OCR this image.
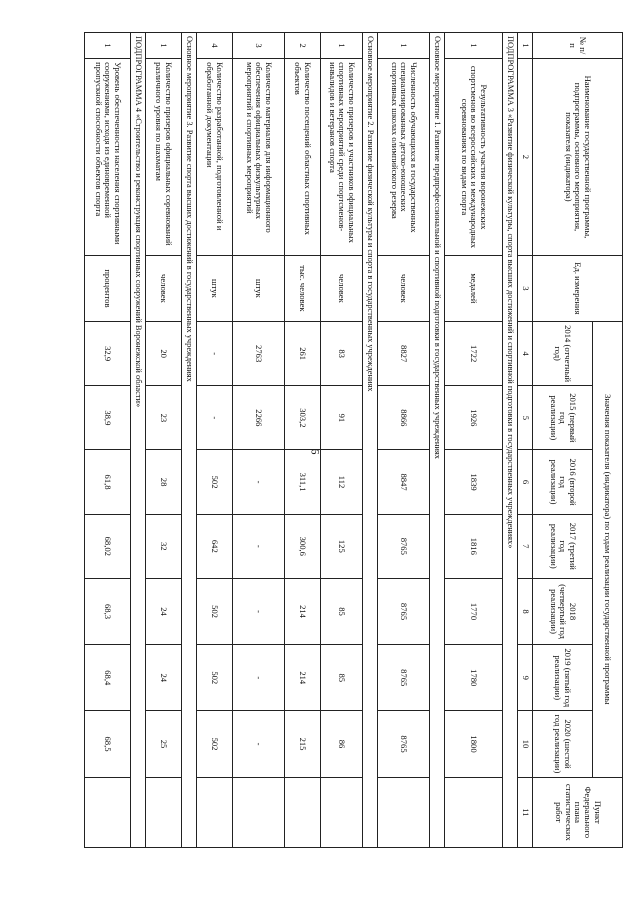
6
№ п/п	Наименование государственной программы, подпрограммы, основного мероприятия, показателя (индикатора)	Ед. измерения	Значения показателя (индикатора) по годам реализации государственной программы							Пункт Федерального плана статистических работ
			2014 (отчетный год)	2015 (первый год реализации)	2016 (второй год реализации)	2017 (третий год реализации)	2018 (четвертый год реализации)	2019 (пятый год реализации)	2020 (шестой год реализации)	
1	2	3	4	5	6	7	8	9	10	11
ПОДПРОГРАММА 3 «Развитие физической культуры, спорта высших достижений и спортивной подготовки в государственных учреждениях»										
1	Результативность участия воронежских спортсменов во всероссийских и международных соревнованиях по видам спорта	медалей	1722	1926	1839	1816	1770	1780	1800	
Основное мероприятие 1. Развитие предпрофессиональной и спортивной подготовки в государственных учреждениях										
1	Численность обучающихся в государственных специализированных детско-юношеских спортивных школах олимпийского резерва	человек	8827	8866	8847	8765	8765	8765	8765	
Основное мероприятие 2. Развитие физической культуры и спорта в государственных учреждениях										
1	Количество призеров и участников официальных спортивных мероприятий среди спортсменов-инвалидов и ветеранов спорта	человек	83	91	112	125	85	85	86	
2	Количество посещений областных спортивных объектов	тыс. человек	261	303,2	311,1	300,6	214	214	215	
3	Количество материалов для информационного обеспечения официальных физкультурных мероприятий и спортивных мероприятий	штук	2763	2266	-	-	-	-	-	
4	Количество разработанной, подготовленной и обработанной документации	штук	-	-	502	642	502	502	502	
Основное мероприятие 3. Развитие спорта высших достижений в государственных учреждениях										
1	Количество призеров официальных соревнований различного уровня по шахматам	человек	20	23	28	32	24	24	25	
ПОДПРОГРАММА 4 «Строительство и реконструкция спортивных сооружений Воронежской области»										
1	Уровень обеспеченности населения спортивными сооружениями, исходя из единовременной пропускной способности объектов спорта	процентов	32,9	38,9	61,8	68,02	68,3	68,4	68,5	
